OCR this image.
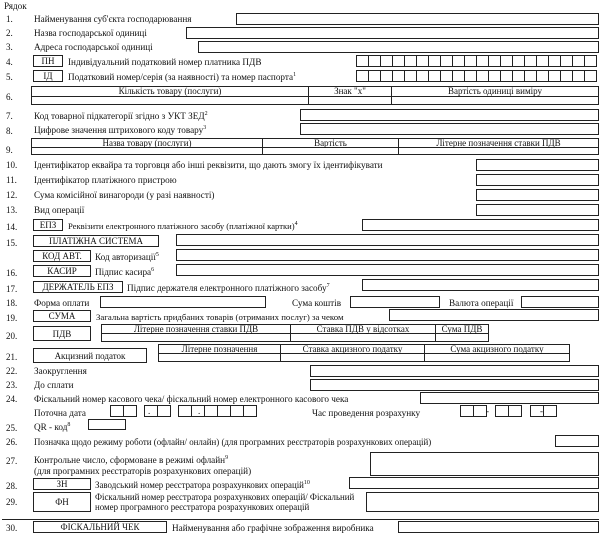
Рядок
1. Найменування суб'єкта господарювання
2. Назва господарської одиниці
3. Адреса господарської одиниці
4.	ПН	Індивідуальний податковий номер платника ПДВ
5.	ІД	Податковий номер/серія (за наявності) та номер паспорта$^1$
6.
Кількість товару (послуги)	Знак "х"	Вартість одиниці виміру
7. Код товарної підкатегорії згідно з УКТ ЗЕД$^2$
8. Цифрове значення штрихового коду товару$^3$
9.
Назва товару (послуги)	Вартість	Літерне позначення ставки ПДВ
10. Ідентифікатор еквайра та торговця або інші реквізити, що дають змогу їх ідентифікувати
11. Ідентифікатор платіжного пристрою
12. Сума комісійної винагороди (у разі наявності)
13. Вид операції
14.	ЕПЗ	Реквізити електронного платіжного засобу (платіжної картки)$^4$
15.	ПЛАТІЖНА СИСТЕМА
КОД АВТ.	Код авторизації$^5$
16.	КАСИР	Підпис касира$^6$
17.	ДЕРЖАТЕЛЬ ЕПЗ	Підпис держателя електронного платіжного засобу$^7$
18. Форма оплати	Сума коштів	Валюта операції
19.	СУМА	Загальна вартість придбаних товарів (отриманих послуг) за чеком
20.	ПДВ	Літерне позначення ставки ПДВ	Ставка ПДВ у відсотках	Сума ПДВ
21.	Акцизний податок
Літерне позначення	Ставка акцизного податку	Сума акцизного податку
22. Заокруглення
23. До сплати
24. Фіскальний номер касового чека/ фіскальний номер електронного касового чека
Поточна дата	.	.	Час проведення розрахунку	-	-
25. QR - код$^8$
26. Позначка щодо режиму роботи (офлайн/ онлайн) (для програмних реєстраторів розрахункових операцій)
27. Контрольне число, сформоване в режимі офлайн$^9$
(для програмних реєстраторів розрахункових операцій)
28.	ЗН	Заводський номер реєстратора розрахункових операцій$^{10}$
29.	ФН	Фіскальний номер реєстратора розрахункових операцій/ Фіскальний
номер програмного реєстратора розрахункових операцій
30.	ФІСКАЛЬНИЙ ЧЕК	Найменування або графічне зображення виробника
